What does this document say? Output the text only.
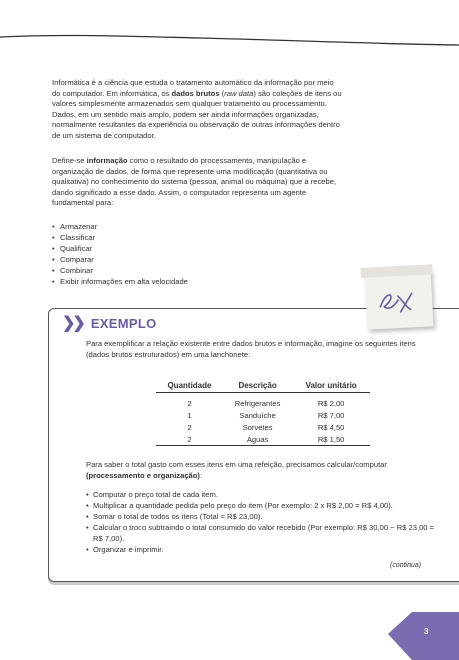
Informática é a ciência que estuda o tratamento automático da informação por meio do computador. Em informática, os dados brutos (raw data) são coleções de itens ou valores simplesmente armazenados sem qualquer tratamento ou processamento. Dados, em um sentido mais amplo, podem ser ainda informações organizadas, normalmente resultantes da experiência ou observação de outras informações dentro de um sistema de computador.

Define-se informação como o resultado do processamento, manipulação e organização de dados, de forma que represente uma modificação (quantitativa ou qualitativa) no conhecimento do sistema (pessoa, animal ou máquina) que a recebe, dando significado a esse dado. Assim, o computador representa um agente fundamental para:

• Armazenar
• Classificar
• Qualificar
• Comparar
• Combinar
• Exibir informações em alta velocidade
❯❯ EXEMPLO
Para exemplificar a relação existente entre dados brutos e informação, imagine os seguintes itens (dados brutos estruturados) em uma lanchonete:
Quantidade	Descrição	Valor unitário
2	Refrigerantes	R$ 2,00
1	Sanduíche	R$ 7,00
2	Sorvetes	R$ 4,50
2	Águas	R$ 1,50
Para saber o total gasto com esses itens em uma refeição, precisamos calcular/computar (processamento e organização):
• Computar o preço total de cada item.
• Multiplicar a quantidade pedida pelo preço do item (Por exemplo: 2 x R$ 2,00 = R$ 4,00).
• Somar o total de todos os itens (Total = R$ 23,00).
• Calcular o troco subtraindo o total consumido do valor recebido (Por exemplo: R$ 30,00 − R$ 23,00 = R$ 7,00).
• Organizar e imprimir.
(continua)
3
